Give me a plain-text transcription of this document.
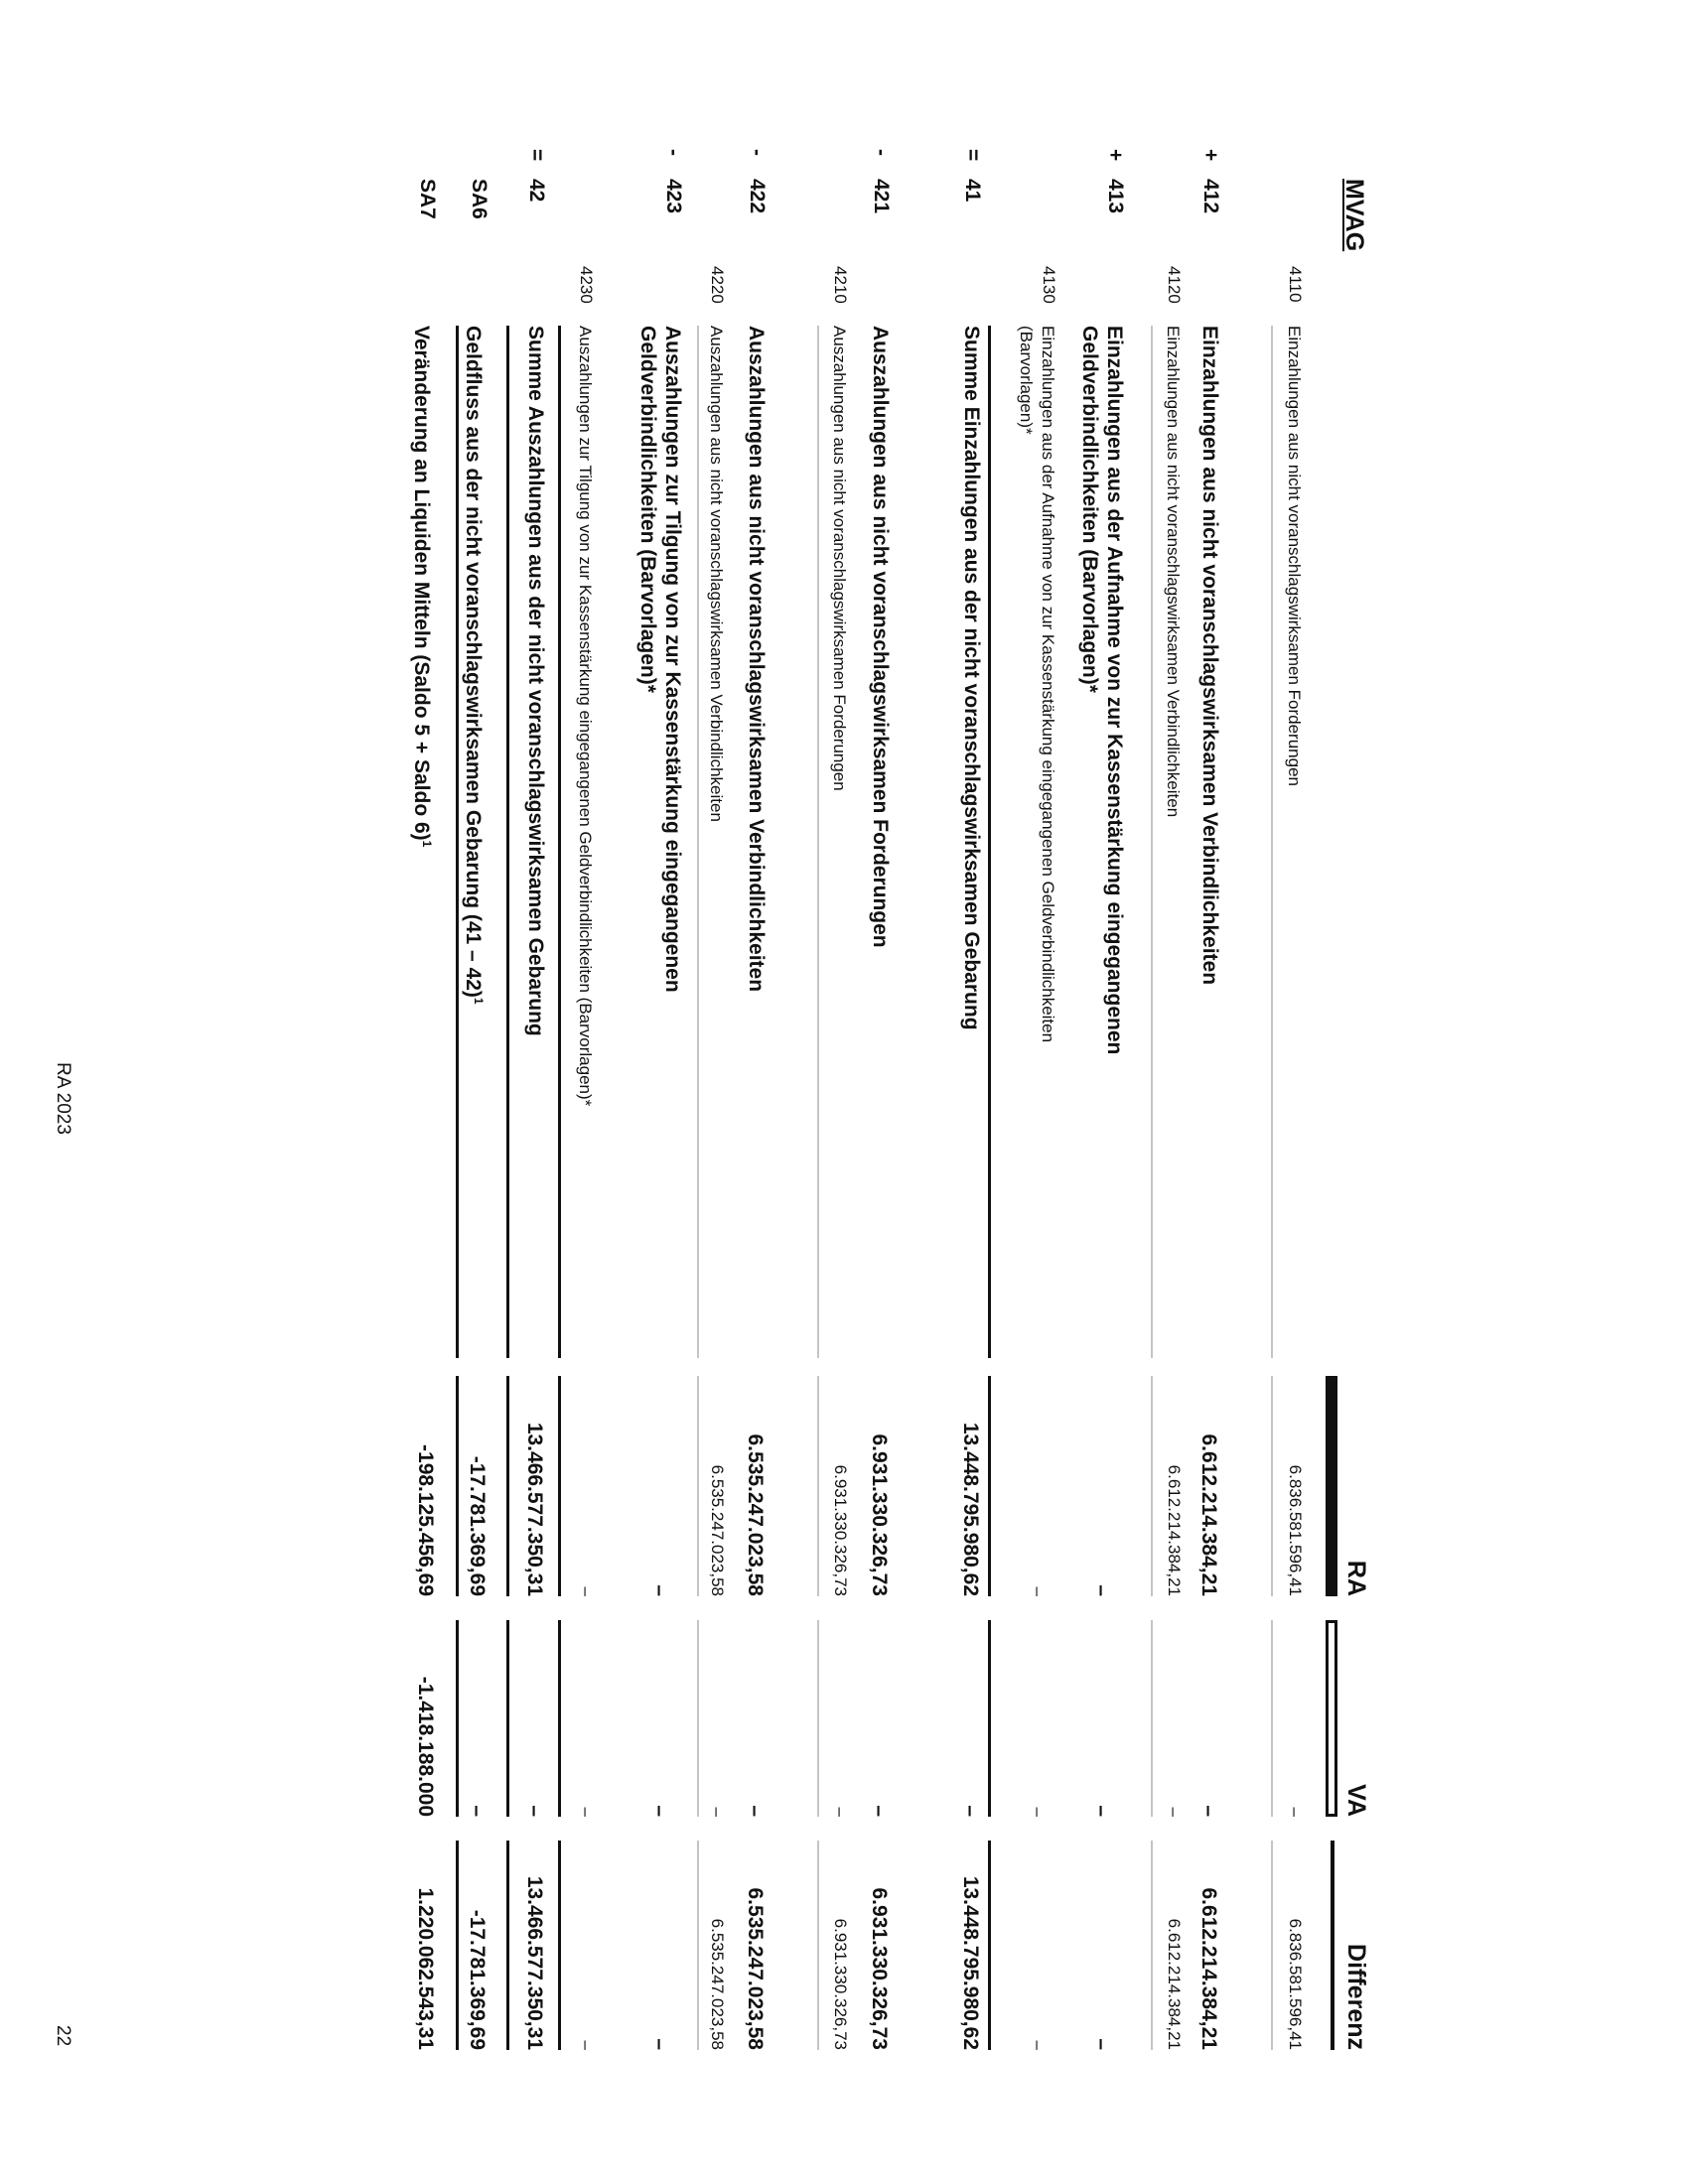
MVAG
RA
VA
Differenz
4110
Einzahlungen aus nicht voranschlagswirksamen Forderungen
6.836.581.596,41
–
6.836.581.596,41
+
412
Einzahlungen aus nicht voranschlagswirksamen Verbindlichkeiten
6.612.214.384,21
–
6.612.214.384,21
4120
Einzahlungen aus nicht voranschlagswirksamen Verbindlichkeiten
6.612.214.384,21
–
6.612.214.384,21
+
413
Einzahlungen aus der Aufnahme von zur Kassenstärkung eingegangenen
Geldverbindlichkeiten (Barvorlagen)*
–
–
–
4130
Einzahlungen aus der Aufnahme von zur Kassenstärkung eingegangenen Geldverbindlichkeiten
(Barvorlagen)*
–
–
–
=
41
Summe Einzahlungen aus der nicht voranschlagswirksamen Gebarung
13.448.795.980,62
–
13.448.795.980,62
-
421
Auszahlungen aus nicht voranschlagswirksamen Forderungen
6.931.330.326,73
–
6.931.330.326,73
4210
Auszahlungen aus nicht voranschlagswirksamen Forderungen
6.931.330.326,73
–
6.931.330.326,73
-
422
Auszahlungen aus nicht voranschlagswirksamen Verbindlichkeiten
6.535.247.023,58
–
6.535.247.023,58
4220
Auszahlungen aus nicht voranschlagswirksamen Verbindlichkeiten
6.535.247.023,58
–
6.535.247.023,58
-
423
Auszahlungen zur Tilgung von zur Kassenstärkung eingegangenen
Geldverbindlichkeiten (Barvorlagen)*
–
–
–
4230
Auszahlungen zur Tilgung von zur Kassenstärkung eingegangenen Geldverbindlichkeiten (Barvorlagen)*
–
–
–
=
42
Summe Auszahlungen aus der nicht voranschlagswirksamen Gebarung
13.466.577.350,31
–
13.466.577.350,31
SA6
Geldfluss aus der nicht voranschlagswirksamen Gebarung (41 – 42)$^1$
-17.781.369,69
–
-17.781.369,69
SA7
Veränderung an Liquiden Mitteln (Saldo 5 + Saldo 6)$^1$
-198.125.456,69
-1.418.188.000
1.220.062.543,31
RA 2023
22
